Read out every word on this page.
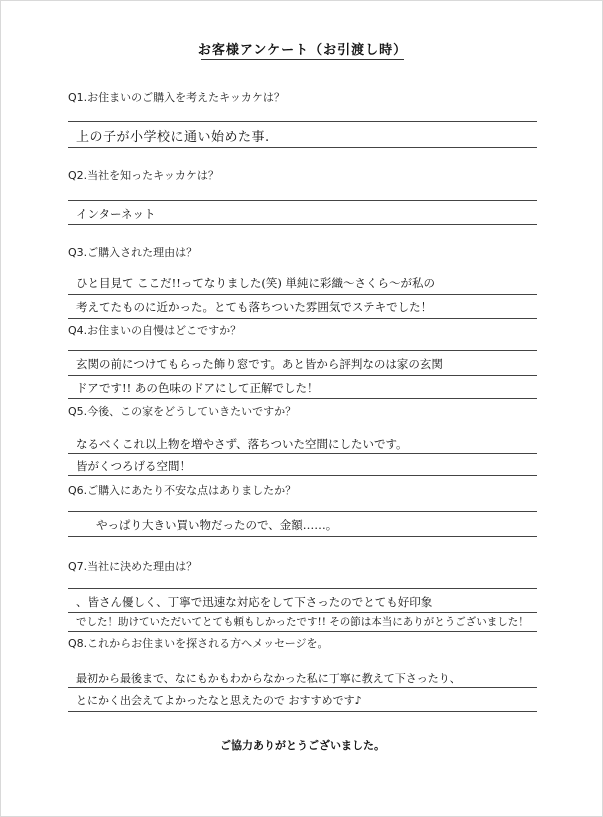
お客様アンケート（お引渡し時）
Q1.お住まいのご購入を考えたキッカケは？
上の子が小学校に通い始めた事.
Q2.当社を知ったキッカケは？
インターネット
Q3.ご購入された理由は？
ひと目見て ここだ!!ってなりました(笑) 単純に彩織〜さくら〜が私の
考えてたものに近かった。とても落ちついた雰囲気でステキでした！
Q4.お住まいの自慢はどこですか？
玄関の前につけてもらった飾り窓です。あと皆から評判なのは家の玄関
ドアです!! あの色味のドアにして正解でした！
Q5.今後、この家をどうしていきたいですか？
なるべくこれ以上物を増やさず、落ちついた空間にしたいです。
皆がくつろげる空間！
Q6.ご購入にあたり不安な点はありましたか？
やっぱり大きい買い物だったので、金額……。
Q7.当社に決めた理由は？
、皆さん優しく、丁寧で迅速な対応をして下さったのでとても好印象
でした！助けていただいてとても頼もしかったです!! その節は本当にありがとうございました！
Q8.これからお住まいを探される方へメッセージを。
最初から最後まで、なにもかもわからなかった私に丁寧に教えて下さったり、
とにかく出会えてよかったなと思えたので おすすめです♪
ご協力ありがとうございました。
